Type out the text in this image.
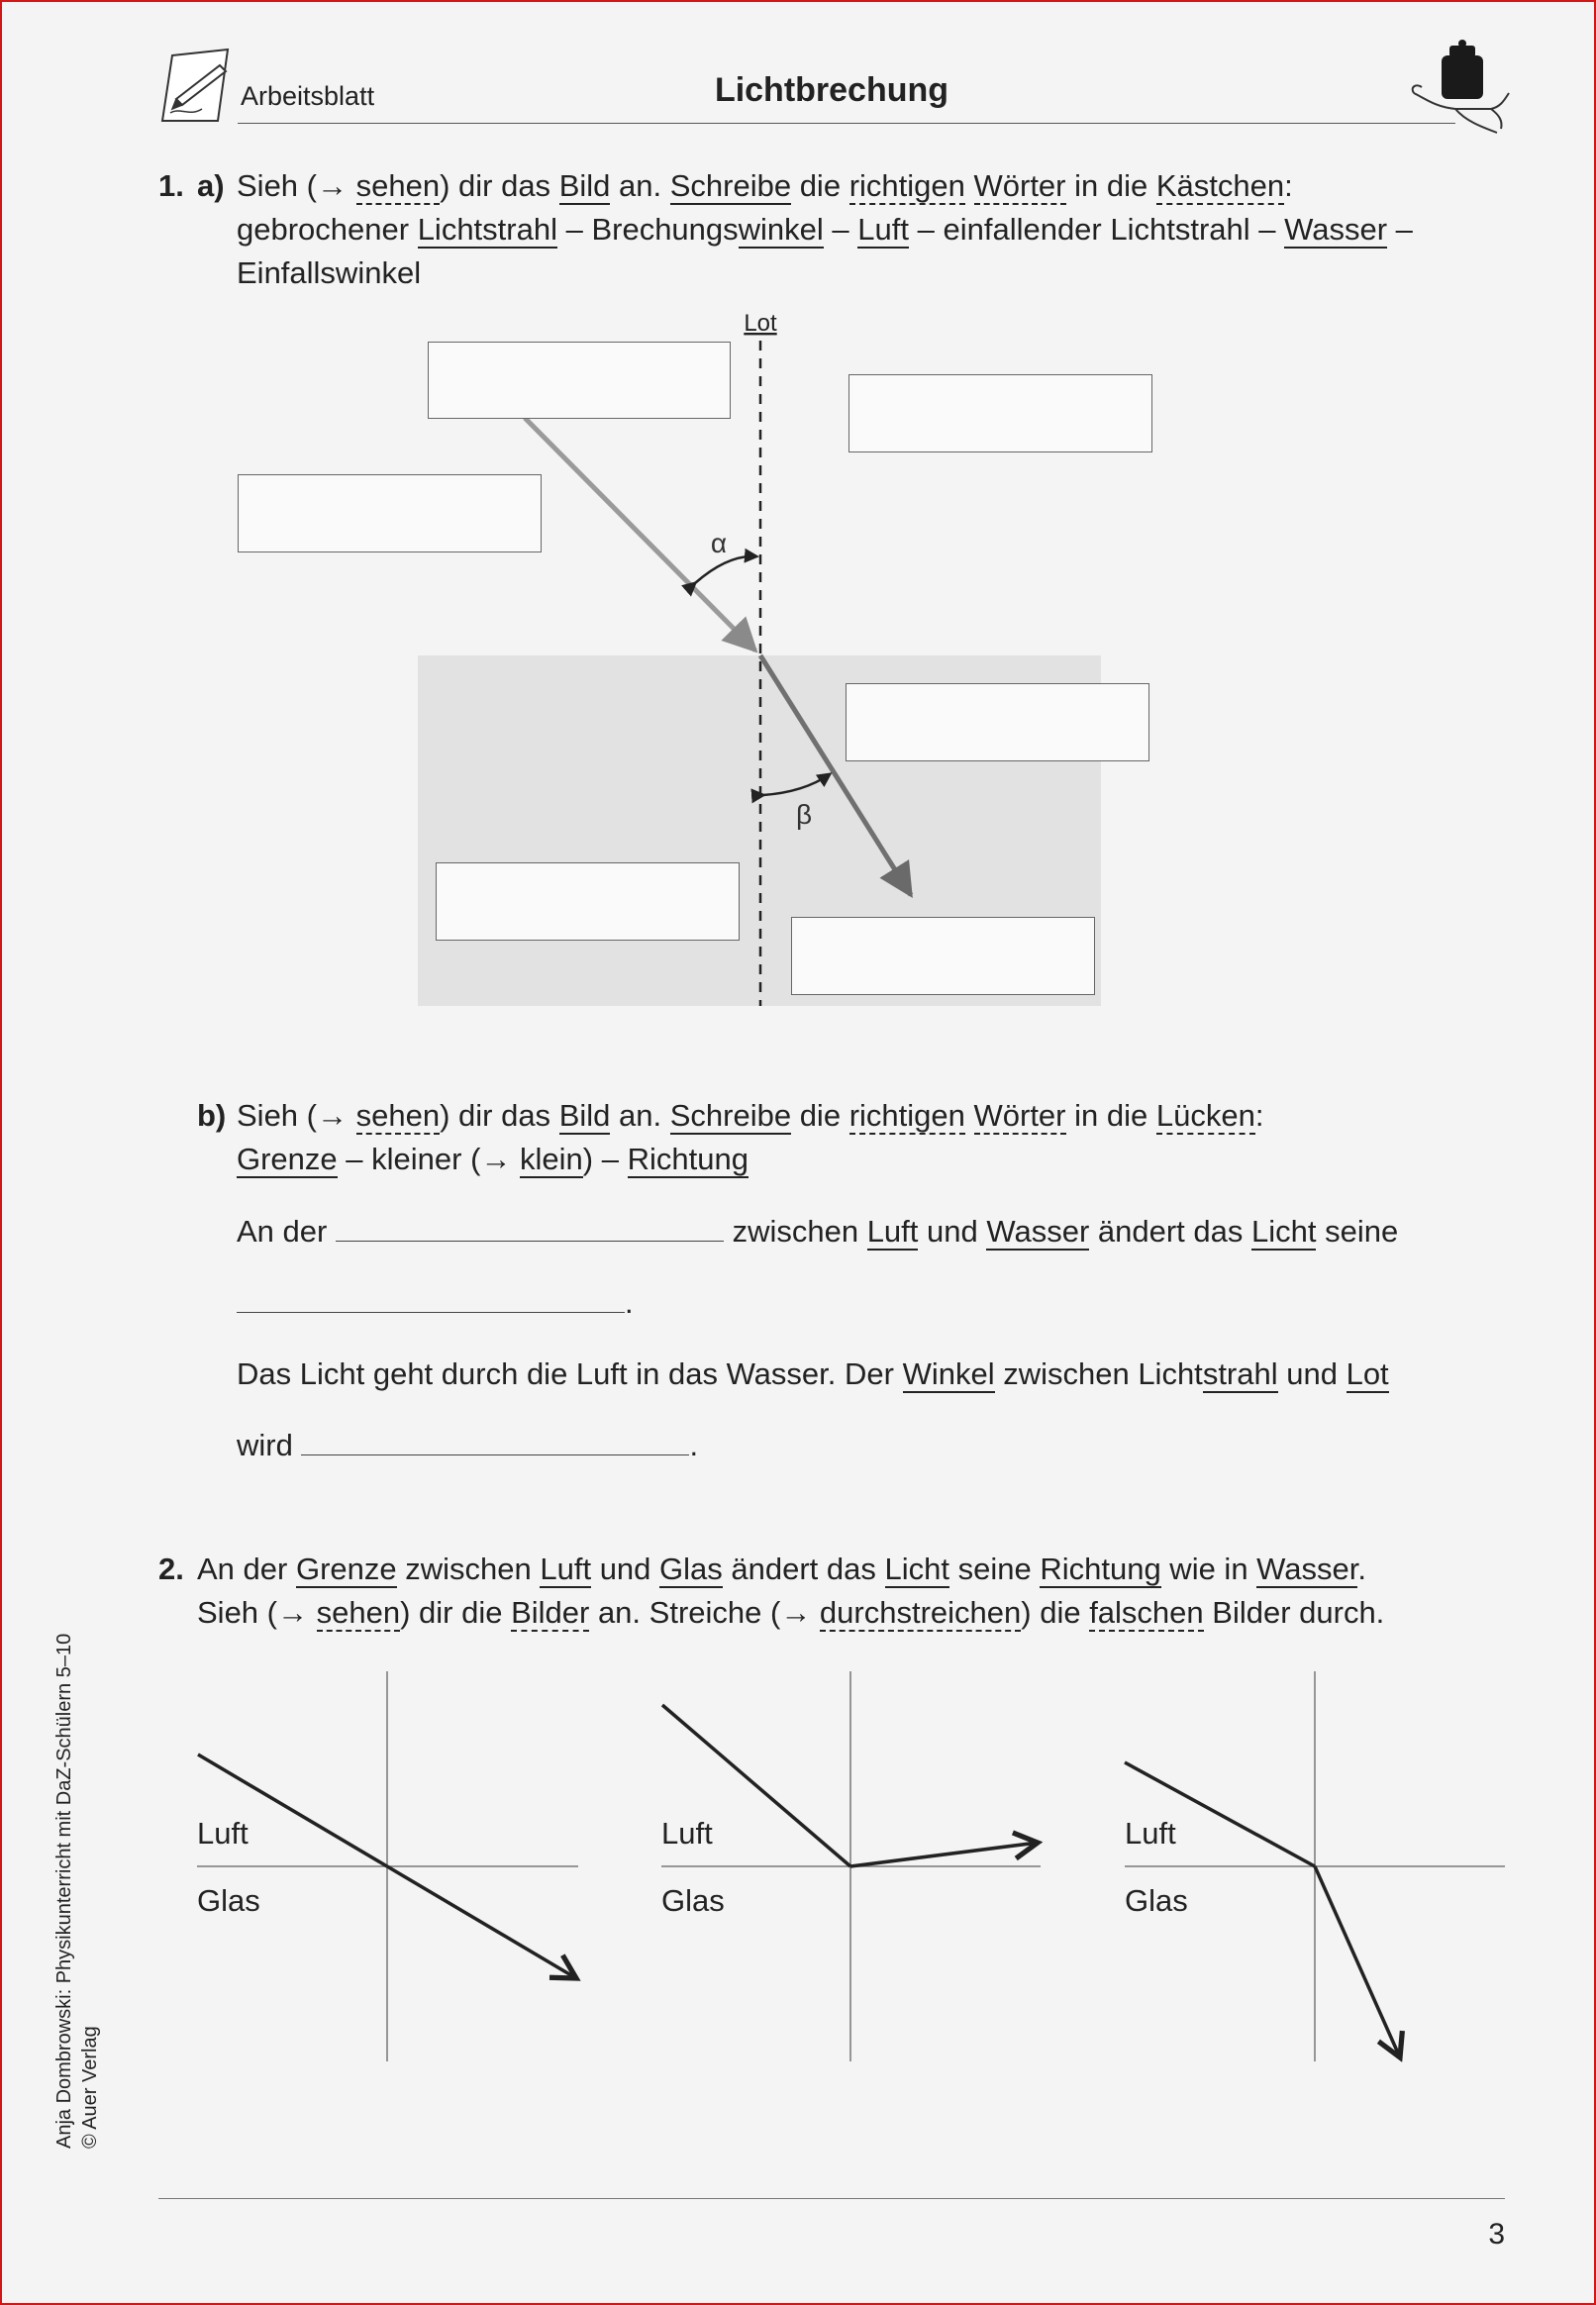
Arbeitsblatt	Lichtbrechung
1. a) Sieh (→ sehen) dir das Bild an. Schreibe die richtigen Wörter in die Kästchen:
gebrochener Lichtstrahl – Brechungswinkel – Luft – einfallender Lichtstrahl – Wasser –
Einfallswinkel
Lot
α
β
b) Sieh (→ sehen) dir das Bild an. Schreibe die richtigen Wörter in die Lücken:
Grenze – kleiner (→ klein) – Richtung
An der	zwischen Luft und Wasser ändert das Licht seine
.
Das Licht geht durch die Luft in das Wasser. Der Winkel zwischen Lichtstrahl und Lot
wird	.
2. An der Grenze zwischen Luft und Glas ändert das Licht seine Richtung wie in Wasser.
Sieh (→ sehen) dir die Bilder an. Streiche (→ durchstreichen) die falschen Bilder durch.
Luft
Glas
Luft
Glas
Luft
Glas
Anja Dombrowski: Physikunterricht mit DaZ-Schülern 5–10 © Auer Verlag
3
